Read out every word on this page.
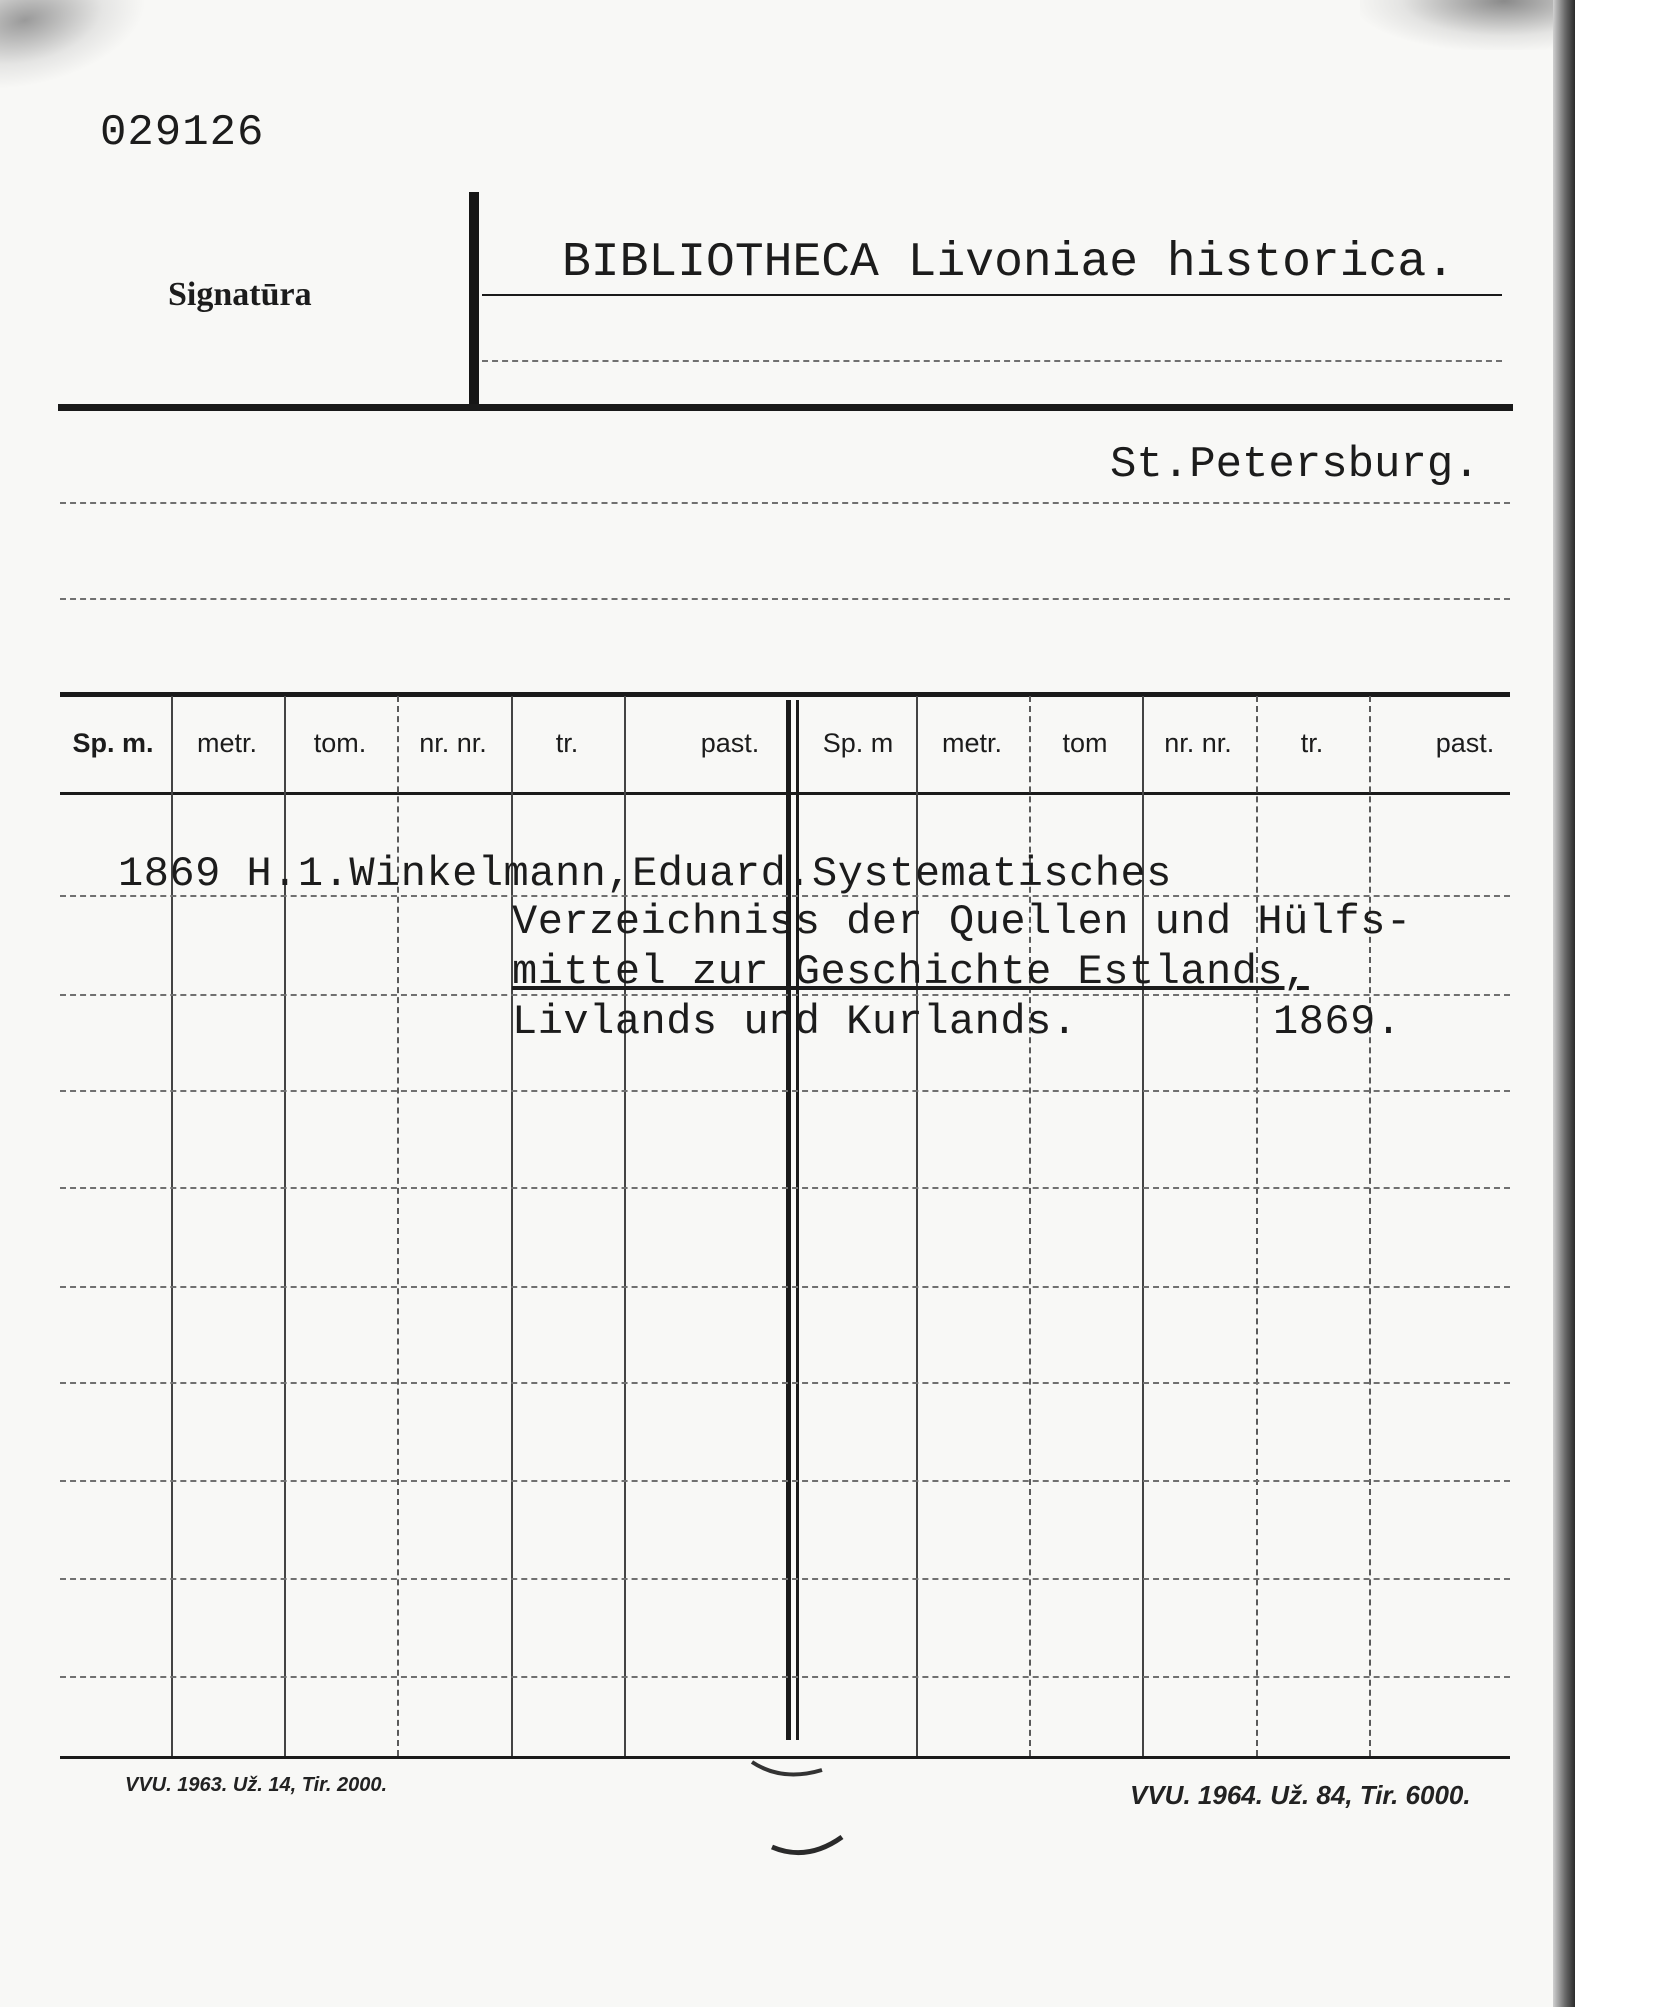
029126
Signatūra
BIBLIOTHECA Livoniae historica.
St.Petersburg.
Sp. m.	metr.	tom.	nr. nr.	tr.	past.	Sp. m	metr.	tom	nr. nr.	tr.	past.
1869 H.1.Winkelmann,Eduard.Systematisches
Verzeichniss der Quellen und Hülfs-
mittel zur Geschichte Estlands,
Livlands und Kurlands.	1869.
VVU. 1963. Už. 14, Tir. 2000.	VVU. 1964. Už. 84, Tir. 6000.
